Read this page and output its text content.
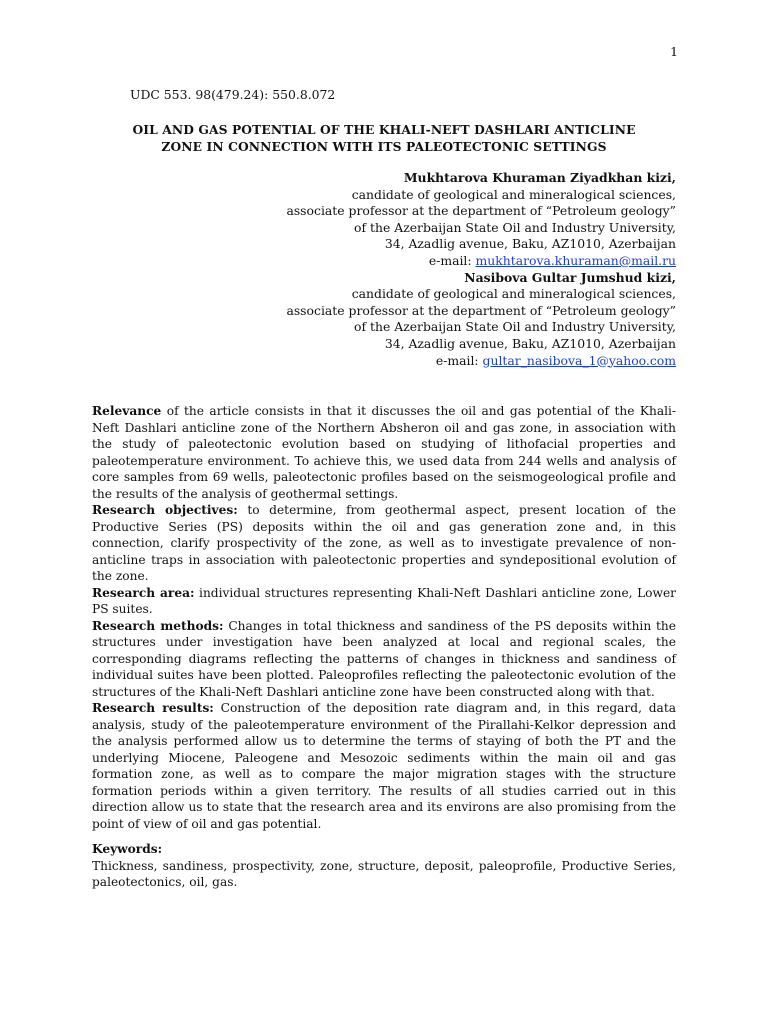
1
UDC 553. 98(479.24): 550.8.072
OIL AND GAS POTENTIAL OF THE KHALI-NEFT DASHLARI ANTICLINE
ZONE IN CONNECTION WITH ITS PALEOTECTONIC SETTINGS
Mukhtarova Khuraman Ziyadkhan kizi,
candidate of geological and mineralogical sciences,
associate professor at the department of “Petroleum geology”
of the Azerbaijan State Oil and Industry University,
34, Azadlig avenue, Baku, AZ1010, Azerbaijan
e-mail: mukhtarova.khuraman@mail.ru
Nasibova Gultar Jumshud kizi,
candidate of geological and mineralogical sciences,
associate professor at the department of “Petroleum geology”
of the Azerbaijan State Oil and Industry University,
34, Azadlig avenue, Baku, AZ1010, Azerbaijan
e-mail: gultar_nasibova_1@yahoo.com

Relevance of the article consists in that it discusses the oil and gas potential of the Khali-Neft Dashlari anticline zone of the Northern Absheron oil and gas zone, in association with the study of paleotectonic evolution based on studying of lithofacial properties and paleotemperature environment. To achieve this, we used data from 244 wells and analysis of core samples from 69 wells, paleotectonic profiles based on the seismogeological profile and the results of the analysis of geothermal settings.

Research objectives: to determine, from geothermal aspect, present location of the Productive Series (PS) deposits within the oil and gas generation zone and, in this connection, clarify prospectivity of the zone, as well as to investigate prevalence of non-anticline traps in association with paleotectonic properties and syndepositional evolution of the zone.

Research area: individual structures representing Khali-Neft Dashlari anticline zone, Lower PS suites.

Research methods: Changes in total thickness and sandiness of the PS deposits within the structures under investigation have been analyzed at local and regional scales, the corresponding diagrams reflecting the patterns of changes in thickness and sandiness of individual suites have been plotted. Paleoprofiles reflecting the paleotectonic evolution of the structures of the Khali-Neft Dashlari anticline zone have been constructed along with that.

Research results: Construction of the deposition rate diagram and, in this regard, data analysis, study of the paleotemperature environment of the Pirallahi-Kelkor depression and the analysis performed allow us to determine the terms of staying of both the PT and the underlying Miocene, Paleogene and Mesozoic sediments within the main oil and gas formation zone, as well as to compare the major migration stages with the structure formation periods within a given territory. The results of all studies carried out in this direction allow us to state that the research area and its environs are also promising from the point of view of oil and gas potential.

Keywords:
Thickness, sandiness, prospectivity, zone, structure, deposit, paleoprofile, Productive Series, paleotectonics, oil, gas.
